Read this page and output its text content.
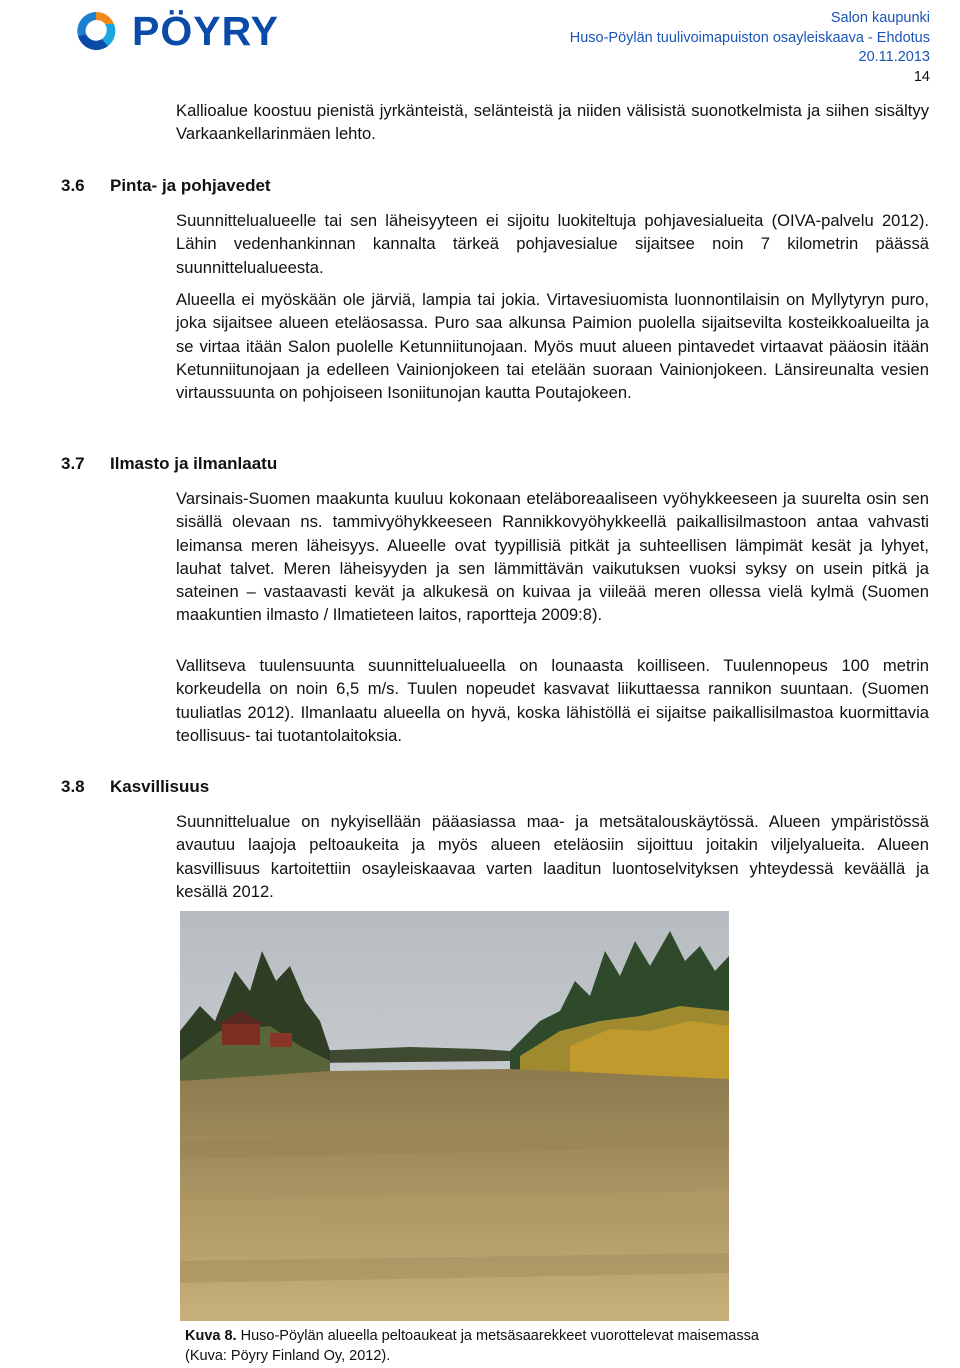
PÖYRY	Salon kaupunki
Huso-Pöylän tuulivoimapuiston osayleiskaava - Ehdotus
20.11.2013
14

Kallioalue koostuu pienistä jyrkänteistä, selänteistä ja niiden välisistä suonotkelmista ja siihen sisältyy Varkaankellarinmäen lehto.

3.6 Pinta- ja pohjavedet

Suunnittelualueelle tai sen läheisyyteen ei sijoitu luokiteltuja pohjavesialueita (OIVA-palvelu 2012). Lähin vedenhankinnan kannalta tärkeä pohjavesialue sijaitsee noin 7 kilometrin päässä suunnittelualueesta.

Alueella ei myöskään ole järviä, lampia tai jokia. Virtavesiuomista luonnontilaisin on Myllytyryn puro, joka sijaitsee alueen eteläosassa. Puro saa alkunsa Paimion puolella sijaitsevilta kosteikkoalueilta ja se virtaa itään Salon puolelle Ketunniitunojaan. Myös muut alueen pintavedet virtaavat pääosin itään Ketunniitunojaan ja edelleen Vainionjokeen tai etelään suoraan Vainionjokeen. Länsireunalta vesien virtaussuunta on pohjoiseen Isoniitunojan kautta Poutajokeen.

3.7 Ilmasto ja ilmanlaatu

Varsinais-Suomen maakunta kuuluu kokonaan eteläboreaaliseen vyöhykkeeseen ja suurelta osin sen sisällä olevaan ns. tammivyöhykkeeseen Rannikkovyöhykkeellä paikallisilmastoon antaa vahvasti leimansa meren läheisyys. Alueelle ovat tyypillisiä pitkät ja suhteellisen lämpimät kesät ja lyhyet, lauhat talvet. Meren läheisyyden ja sen lämmittävän vaikutuksen vuoksi syksy on usein pitkä ja sateinen – vastaavasti kevät ja alkukesä on kuivaa ja viileää meren ollessa vielä kylmä (Suomen maakuntien ilmasto / Ilmatieteen laitos, raportteja 2009:8).

Vallitseva tuulensuunta suunnittelualueella on lounaasta koilliseen. Tuulennopeus 100 metrin korkeudella on noin 6,5 m/s. Tuulen nopeudet kasvavat liikuttaessa rannikon suuntaan. (Suomen tuuliatlas 2012). Ilmanlaatu alueella on hyvä, koska lähistöllä ei sijaitse paikallisilmastoa kuormittavia teollisuus- tai tuotantolaitoksia.

3.8 Kasvillisuus

Suunnittelualue on nykyisellään pääasiassa maa- ja metsätalouskäytössä. Alueen ympäristössä avautuu laajoja peltoaukeita ja myös alueen eteläosiin sijoittuu joitakin viljelyalueita. Alueen kasvillisuus kartoitettiin osayleiskaavaa varten laaditun luontoselvityksen yhteydessä keväällä ja kesällä 2012.

Kuva 8. Huso-Pöylän alueella peltoaukeat ja metsäsaarekkeet vuorottelevat maisemassa
(Kuva: Pöyry Finland Oy, 2012).
